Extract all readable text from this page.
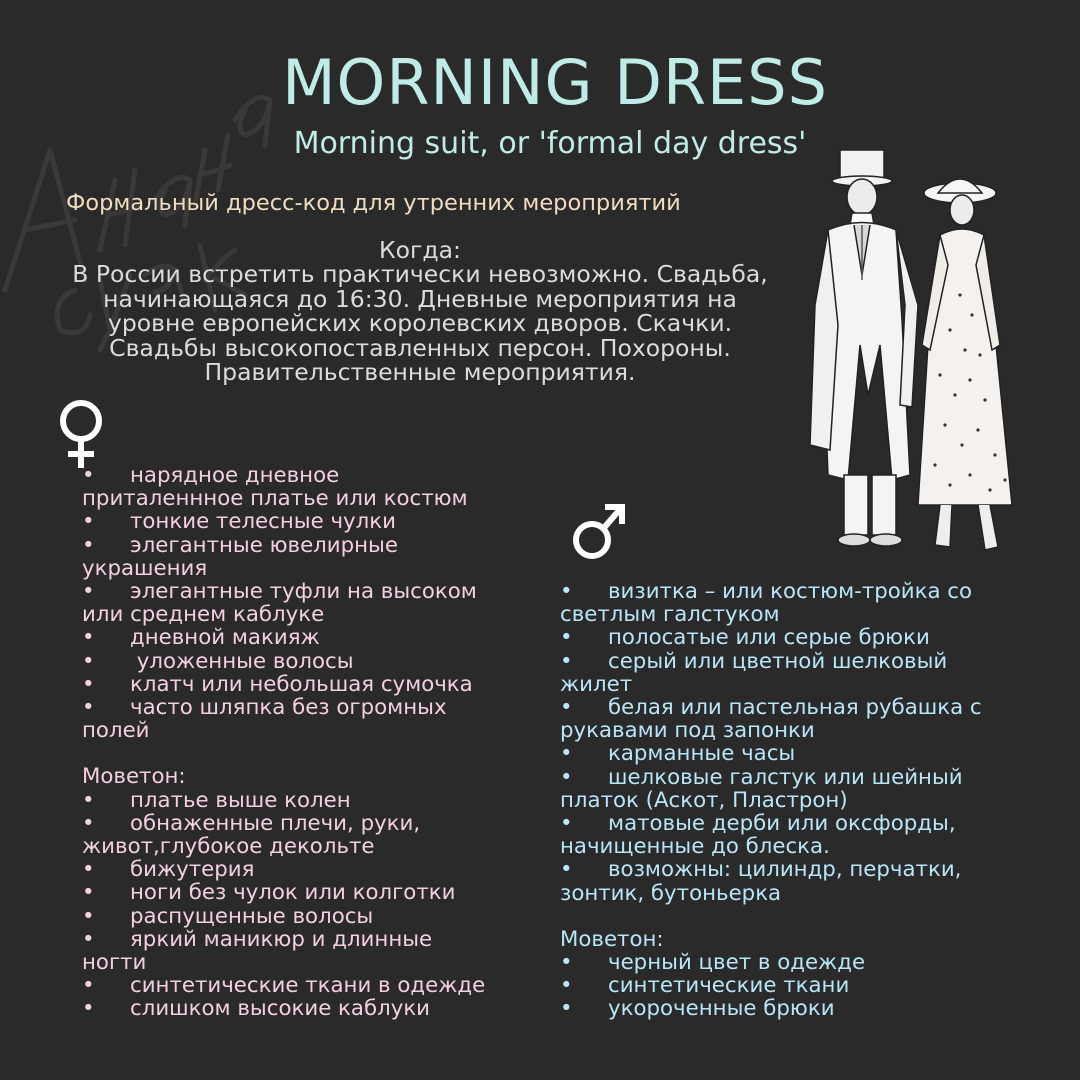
MORNING DRESS
Morning suit, or 'formal day dress'
Формальный дресс-код для утренних мероприятий
Когда:
В России встретить практически невозможно. Свадьба, начинающаяся до 16:30. Дневные мероприятия на уровне европейских королевских дворов. Скачки. Свадьбы высокопоставленных персон. Похороны. Правительственные мероприятия.
• нарядное дневное приталеннное платье или костюм
• тонкие телесные чулки
• элегантные ювелирные украшения
• элегантные туфли на высоком или среднем каблуке
• дневной макияж
• уложенные волосы
• клатч или небольшая сумочка
• часто шляпка без огромных полей
Моветон:
• платье выше колен
• обнаженные плечи, руки, живот,глубокое декольте
• бижутерия
• ноги без чулок или колготки
• распущенные волосы
• яркий маникюр и длинные ногти
• синтетические ткани в одежде
• слишком высокие каблуки
• визитка – или костюм-тройка со светлым галстуком
• полосатые или серые брюки
• серый или цветной шелковый жилет
• белая или пастельная рубашка с рукавами под запонки
• карманные часы
• шелковые галстук или шейный платок (Аскот, Пластрон)
• матовые дерби или оксфорды, начищенные до блеска.
• возможны: цилиндр, перчатки, зонтик, бутоньерка
Моветон:
• черный цвет в одежде
• синтетические ткани
• укороченные брюки
